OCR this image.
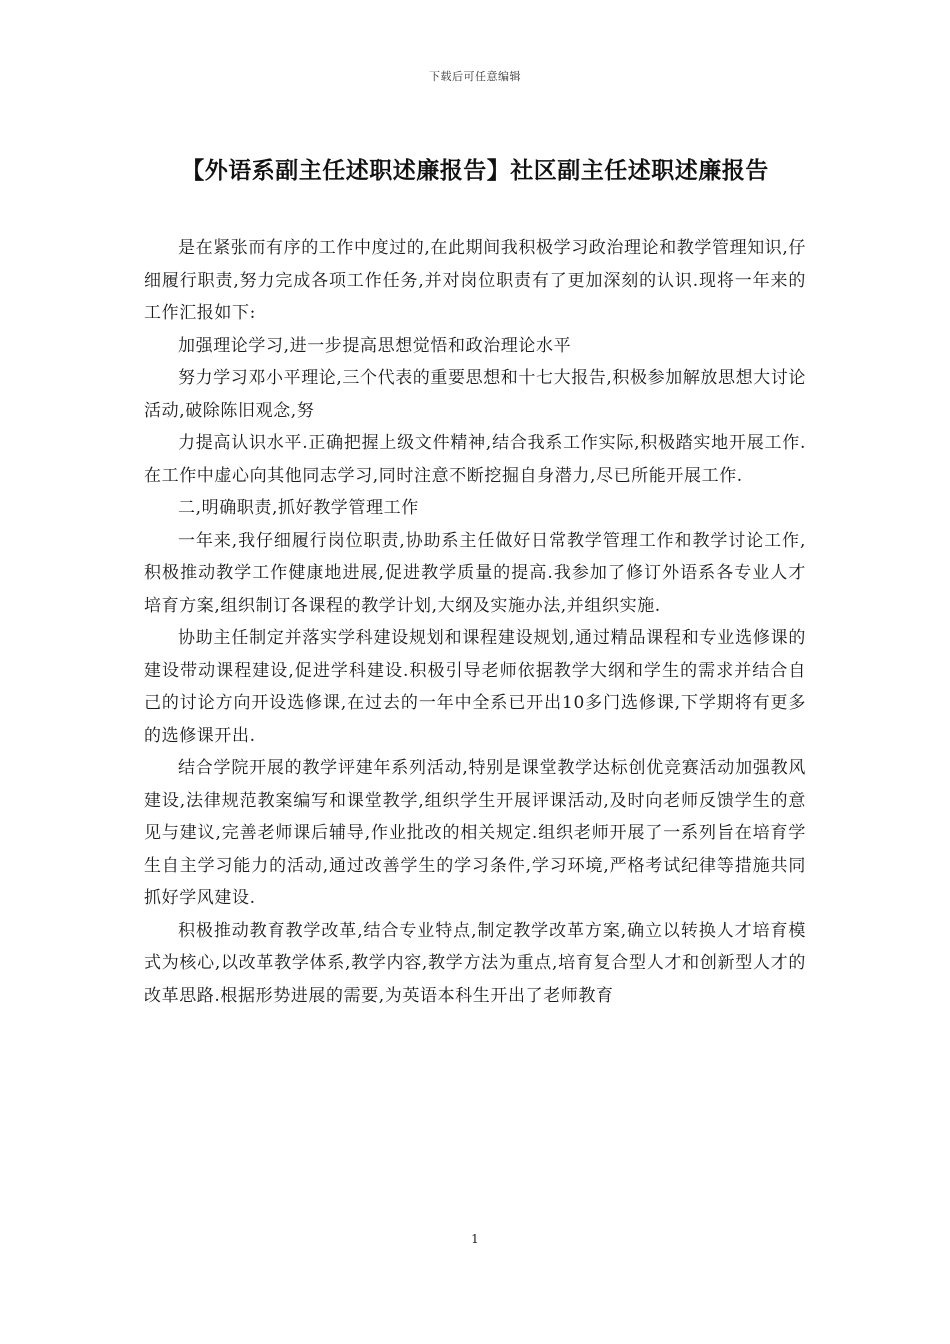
下载后可任意编辑
【外语系副主任述职述廉报告】社区副主任述职述廉报告

是在紧张而有序的工作中度过的,在此期间我积极学习政治理论和教学管理知识,仔细履行职责,努力完成各项工作任务,并对岗位职责有了更加深刻的认识.现将一年来的工作汇报如下:

加强理论学习,进一步提高思想觉悟和政治理论水平

努力学习邓小平理论,三个代表的重要思想和十七大报告,积极参加解放思想大讨论活动,破除陈旧观念,努

力提高认识水平.正确把握上级文件精神,结合我系工作实际,积极踏实地开展工作.在工作中虚心向其他同志学习,同时注意不断挖掘自身潜力,尽已所能开展工作.

二,明确职责,抓好教学管理工作

一年来,我仔细履行岗位职责,协助系主任做好日常教学管理工作和教学讨论工作,积极推动教学工作健康地进展,促进教学质量的提高.我参加了修订外语系各专业人才培育方案,组织制订各课程的教学计划,大纲及实施办法,并组织实施.

协助主任制定并落实学科建设规划和课程建设规划,通过精品课程和专业选修课的建设带动课程建设,促进学科建设.积极引导老师依据教学大纲和学生的需求并结合自己的讨论方向开设选修课,在过去的一年中全系已开出10多门选修课,下学期将有更多的选修课开出.

结合学院开展的教学评建年系列活动,特别是课堂教学达标创优竞赛活动加强教风建设,法律规范教案编写和课堂教学,组织学生开展评课活动,及时向老师反馈学生的意见与建议,完善老师课后辅导,作业批改的相关规定.组织老师开展了一系列旨在培育学生自主学习能力的活动,通过改善学生的学习条件,学习环境,严格考试纪律等措施共同抓好学风建设.

积极推动教育教学改革,结合专业特点,制定教学改革方案,确立以转换人才培育模式为核心,以改革教学体系,教学内容,教学方法为重点,培育复合型人才和创新型人才的改革思路.根据形势进展的需要,为英语本科生开出了老师教育

1
